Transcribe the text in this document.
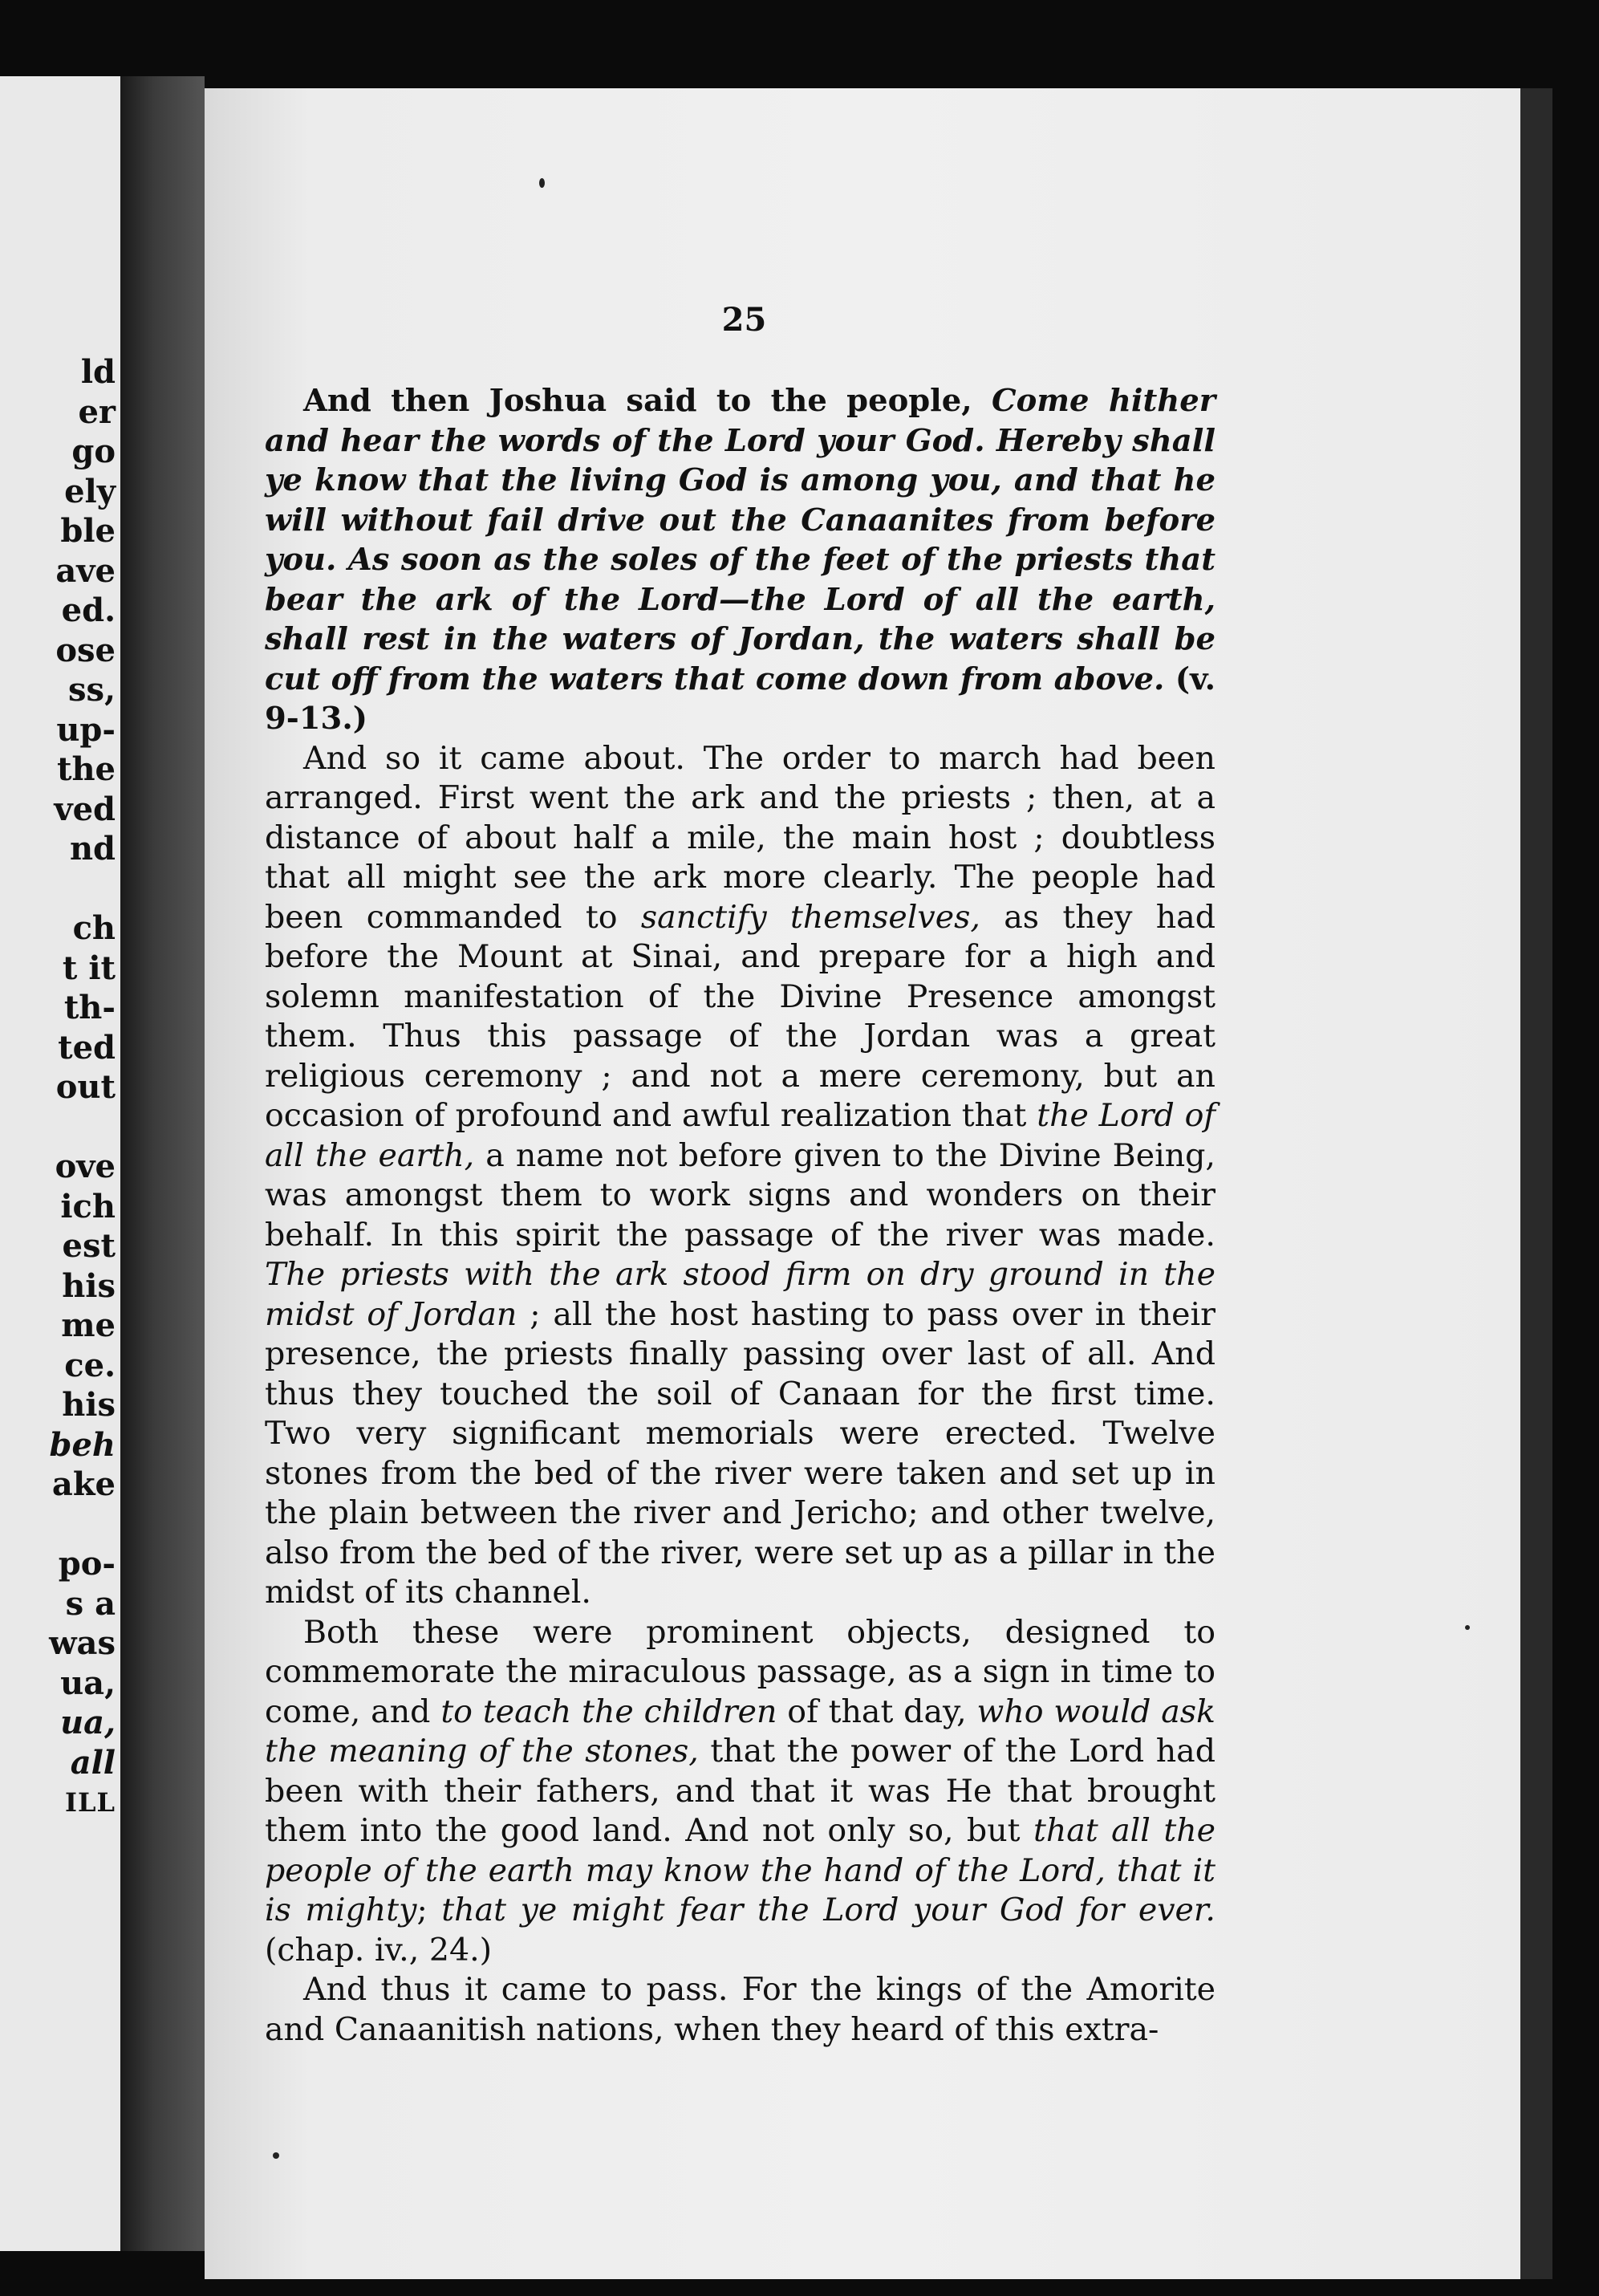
ld
er
go
ely
ble
ave
ed.
ose
ss,
up-
the
ved
nd
ch
t it
th-
ted
out
ove
ich
est
his
me
ce.
his
beh
ake
po-
s a
was
ua,
ua,
all
ILL
25

And then Joshua said to the people, Come hither and hear the words of the Lord your God. Hereby shall ye know that the living God is among you, and that he will without fail drive out the Canaanites from before you. As soon as the soles of the feet of the priests that bear the ark of the Lord—the Lord of all the earth, shall rest in the waters of Jordan, the waters shall be cut off from the waters that come down from above. (v. 9-13.)

And so it came about. The order to march had been arranged. First went the ark and the priests ; then, at a distance of about half a mile, the main host ; doubtless that all might see the ark more clearly. The people had been commanded to sanctify themselves, as they had before the Mount at Sinai, and prepare for a high and solemn manifestation of the Divine Presence amongst them. Thus this passage of the Jordan was a great religious ceremony ; and not a mere ceremony, but an occasion of profound and awful realization that the Lord of all the earth, a name not before given to the Divine Being, was amongst them to work signs and wonders on their behalf. In this spirit the passage of the river was made. The priests with the ark stood firm on dry ground in the midst of Jordan ; all the host hasting to pass over in their presence, the priests finally passing over last of all. And thus they touched the soil of Canaan for the first time. Two very significant memorials were erected. Twelve stones from the bed of the river were taken and set up in the plain between the river and Jericho; and other twelve, also from the bed of the river, were set up as a pillar in the midst of its channel.

Both these were prominent objects, designed to commemorate the miraculous passage, as a sign in time to come, and to teach the children of that day, who would ask the meaning of the stones, that the power of the Lord had been with their fathers, and that it was He that brought them into the good land. And not only so, but that all the people of the earth may know the hand of the Lord, that it is mighty; that ye might fear the Lord your God for ever. (chap. iv., 24.)

And thus it came to pass. For the kings of the Amorite and Canaanitish nations, when they heard of this extra-
